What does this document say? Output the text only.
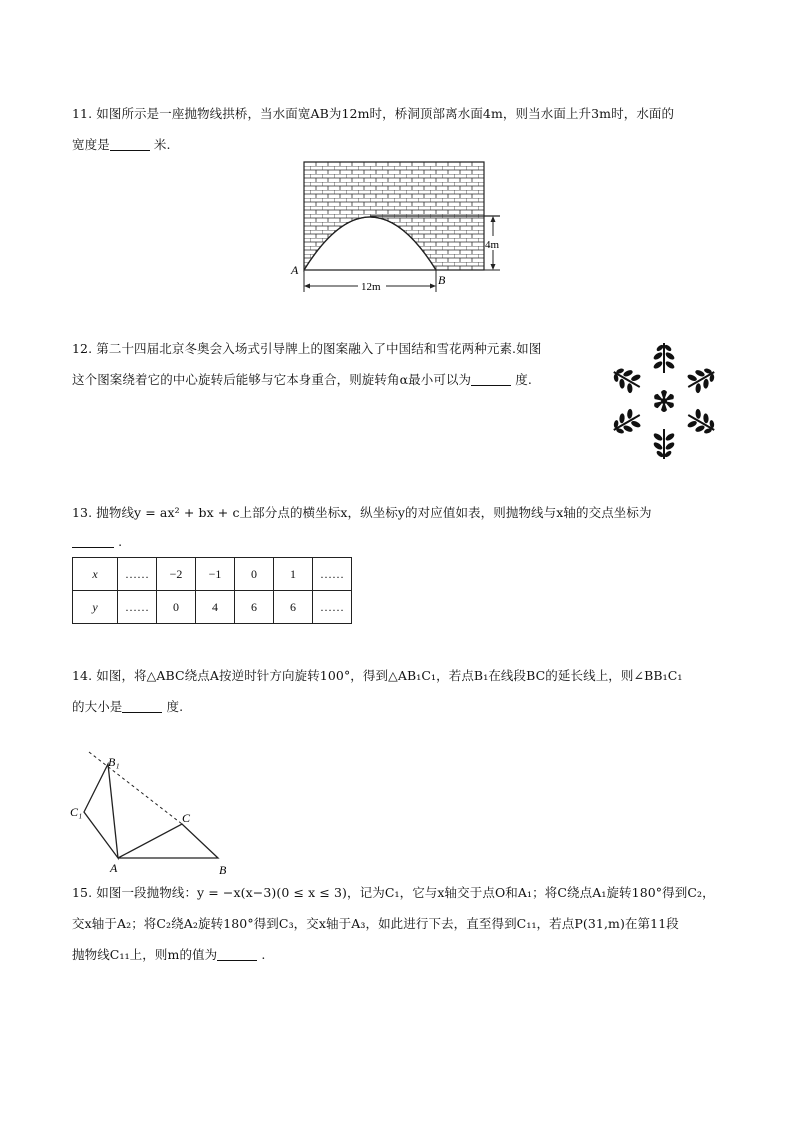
11. 如图所示是一座抛物线拱桥，当水面宽AB为12m时，桥洞顶部离水面4m，则当水面上升3m时，水面的
宽度是	米.
4m
12m
A
B
12. 第二十四届北京冬奥会入场式引导牌上的图案融入了中国结和雪花两种元素.如图
这个图案绕着它的中心旋转后能够与它本身重合，则旋转角α最小可以为	度.
13. 抛物线y = ax² + bx + c上部分点的横坐标x，纵坐标y的对应值如表，则抛物线与x轴的交点坐标为
.
x	……	−2	−1	0	1	……
y	……	0	4	6	6	……
14. 如图，将△ABC绕点A按逆时针方向旋转100°，得到△AB₁C₁，若点B₁在线段BC的延长线上，则∠BB₁C₁
的大小是	度.
A	B
C
B₁
C₁
15. 如图一段抛物线：y = −x(x−3)(0 ≤ x ≤ 3)，记为C₁，它与x轴交于点O和A₁；将C绕点A₁旋转180°得到C₂，
交x轴于A₂；将C₂绕A₂旋转180°得到C₃，交x轴于A₃，如此进行下去，直至得到C₁₁，若点P(31,m)在第11段
抛物线C₁₁上，则m的值为	.
